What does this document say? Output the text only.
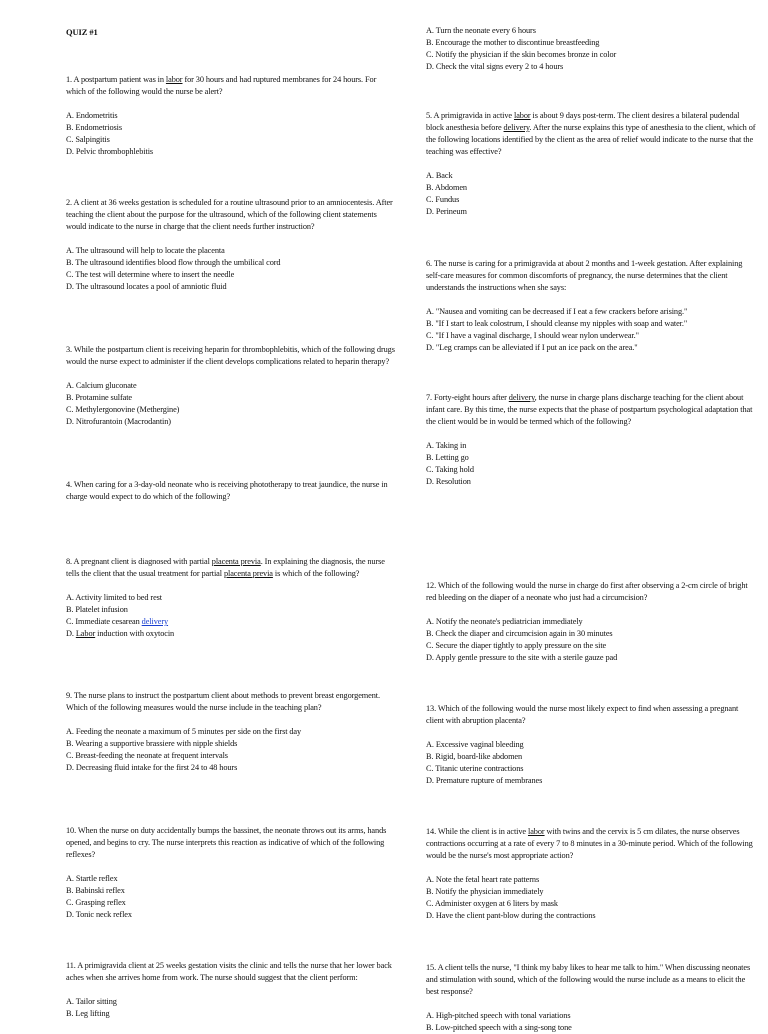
QUIZ #1

1. A postpartum patient was in labor for 30 hours and had ruptured membranes for 24 hours. For which of the following would the nurse be alert?

A. Endometritis

B. Endometriosis

C. Salpingitis

D. Pelvic thrombophlebitis

2. A client at 36 weeks gestation is scheduled for a routine ultrasound prior to an amniocentesis. After teaching the client about the purpose for the ultrasound, which of the following client statements would indicate to the nurse in charge that the client needs further instruction?

A. The ultrasound will help to locate the placenta

B. The ultrasound identifies blood flow through the umbilical cord

C. The test will determine where to insert the needle

D. The ultrasound locates a pool of amniotic fluid

3. While the postpartum client is receiving heparin for thrombophlebitis, which of the following drugs would the nurse expect to administer if the client develops complications related to heparin therapy?

A. Calcium gluconate

B. Protamine sulfate

C. Methylergonovine (Methergine)

D. Nitrofurantoin (Macrodantin)

4. When caring for a 3-day-old neonate who is receiving phototherapy to treat jaundice, the nurse in charge would expect to do which of the following?

8. A pregnant client is diagnosed with partial placenta previa. In explaining the diagnosis, the nurse tells the client that the usual treatment for partial placenta previa is which of the following?

A. Activity limited to bed rest

B. Platelet infusion

C. Immediate cesarean delivery

D. Labor induction with oxytocin

9. The nurse plans to instruct the postpartum client about methods to prevent breast engorgement. Which of the following measures would the nurse include in the teaching plan?

A. Feeding the neonate a maximum of 5 minutes per side on the first day

B. Wearing a supportive brassiere with nipple shields

C. Breast-feeding the neonate at frequent intervals

D. Decreasing fluid intake for the first 24 to 48 hours

10. When the nurse on duty accidentally bumps the bassinet, the neonate throws out its arms, hands opened, and begins to cry. The nurse interprets this reaction as indicative of which of the following reflexes?

A. Startle reflex

B. Babinski reflex

C. Grasping reflex

D. Tonic neck reflex

11. A primigravida client at 25 weeks gestation visits the clinic and tells the nurse that her lower back aches when she arrives home from work. The nurse should suggest that the client perform:

A. Tailor sitting

B. Leg lifting

A. Turn the neonate every 6 hours

B. Encourage the mother to discontinue breastfeeding

C. Notify the physician if the skin becomes bronze in color

D. Check the vital signs every 2 to 4 hours

5. A primigravida in active labor is about 9 days post-term. The client desires a bilateral pudendal block anesthesia before delivery. After the nurse explains this type of anesthesia to the client, which of the following locations identified by the client as the area of relief would indicate to the nurse that the teaching was effective?

A. Back

B. Abdomen

C. Fundus

D. Perineum

6. The nurse is caring for a primigravida at about 2 months and 1-week gestation. After explaining self-care measures for common discomforts of pregnancy, the nurse determines that the client understands the instructions when she says:

A. "Nausea and vomiting can be decreased if I eat a few crackers before arising."

B. "If I start to leak colostrum, I should cleanse my nipples with soap and water."

C. "If I have a vaginal discharge, I should wear nylon underwear."

D. "Leg cramps can be alleviated if I put an ice pack on the area."

7. Forty-eight hours after delivery, the nurse in charge plans discharge teaching for the client about infant care. By this time, the nurse expects that the phase of postpartum psychological adaptation that the client would be in would be termed which of the following?

A. Taking in

B. Letting go

C. Taking hold

D. Resolution

12. Which of the following would the nurse in charge do first after observing a 2-cm circle of bright red bleeding on the diaper of a neonate who just had a circumcision?

A. Notify the neonate's pediatrician immediately

B. Check the diaper and circumcision again in 30 minutes

C. Secure the diaper tightly to apply pressure on the site

D. Apply gentle pressure to the site with a sterile gauze pad

13. Which of the following would the nurse most likely expect to find when assessing a pregnant client with abruption placenta?

A. Excessive vaginal bleeding

B. Rigid, board-like abdomen

C. Titanic uterine contractions

D. Premature rupture of membranes

14. While the client is in active labor with twins and the cervix is 5 cm dilates, the nurse observes contractions occurring at a rate of every 7 to 8 minutes in a 30-minute period. Which of the following would be the nurse's most appropriate action?

A. Note the fetal heart rate patterns

B. Notify the physician immediately

C. Administer oxygen at 6 liters by mask

D. Have the client pant-blow during the contractions

15. A client tells the nurse, "I think my baby likes to hear me talk to him." When discussing neonates and stimulation with sound, which of the following would the nurse include as a means to elicit the best response?

A. High-pitched speech with tonal variations

B. Low-pitched speech with a sing-song tone
